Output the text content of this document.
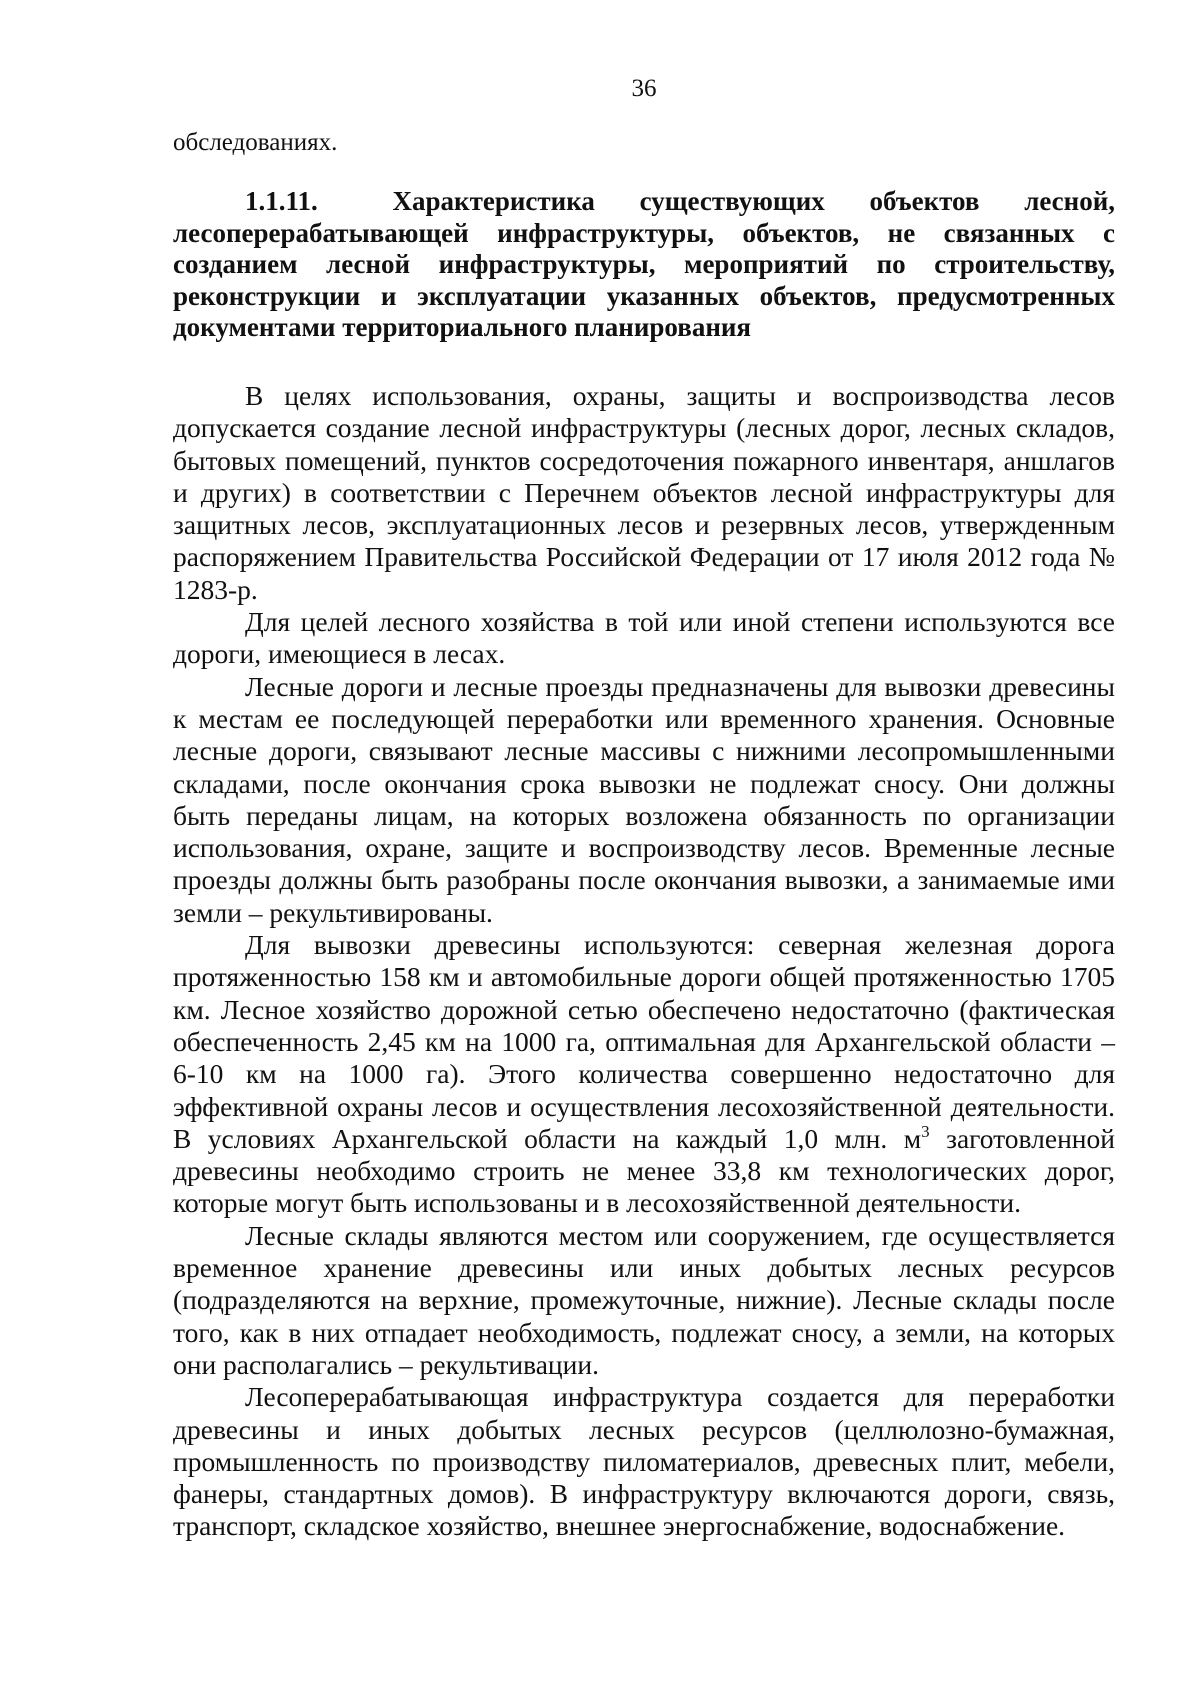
36
обследованиях.
1.1.11.	Характеристика существующих объектов лесной, лесоперерабатывающей инфраструктуры, объектов, не связанных с созданием лесной инфраструктуры, мероприятий по строительству, реконструкции и эксплуатации указанных объектов, предусмотренных документами территориального планирования

В целях использования, охраны, защиты и воспроизводства лесов допускается создание лесной инфраструктуры (лесных дорог, лесных складов, бытовых помещений, пунктов сосредоточения пожарного инвентаря, аншлагов и других) в соответствии с Перечнем объектов лесной инфраструктуры для защитных лесов, эксплуатационных лесов и резервных лесов, утвержденным распоряжением Правительства Российской Федерации от 17 июля 2012 года № 1283-р.

Для целей лесного хозяйства в той или иной степени используются все дороги, имеющиеся в лесах.

Лесные дороги и лесные проезды предназначены для вывозки древесины к местам ее последующей переработки или временного хранения. Основные лесные дороги, связывают лесные массивы с нижними лесопромышленными складами, после окончания срока вывозки не подлежат сносу. Они должны быть переданы лицам, на которых возложена обязанность по организации использования, охране, защите и воспроизводству лесов. Временные лесные проезды должны быть разобраны после окончания вывозки, а занимаемые ими земли – рекультивированы.

Для вывозки древесины используются: северная железная дорога протяженностью 158 км и автомобильные дороги общей протяженностью 1705 км. Лесное хозяйство дорожной сетью обеспечено недостаточно (фактическая обеспеченность 2,45 км на 1000 га, оптимальная для Архангельской области – 6-10 км на 1000 га). Этого количества совершенно недостаточно для эффективной охраны лесов и осуществления лесохозяйственной деятельности. В условиях Архангельской области на каждый 1,0 млн. $м^3$ заготовленной древесины необходимо строить не менее 33,8 км технологических дорог, которые могут быть использованы и в лесохозяйственной деятельности.

Лесные склады являются местом или сооружением, где осуществляется временное хранение древесины или иных добытых лесных ресурсов (подразделяются на верхние, промежуточные, нижние). Лесные склады после того, как в них отпадает необходимость, подлежат сносу, а земли, на которых они располагались – рекультивации.

Лесоперерабатывающая инфраструктура создается для переработки древесины и иных добытых лесных ресурсов (целлюлозно-бумажная, промышленность по производству пиломатериалов, древесных плит, мебели, фанеры, стандартных домов). В инфраструктуру включаются дороги, связь, транспорт, складское хозяйство, внешнее энергоснабжение, водоснабжение.
